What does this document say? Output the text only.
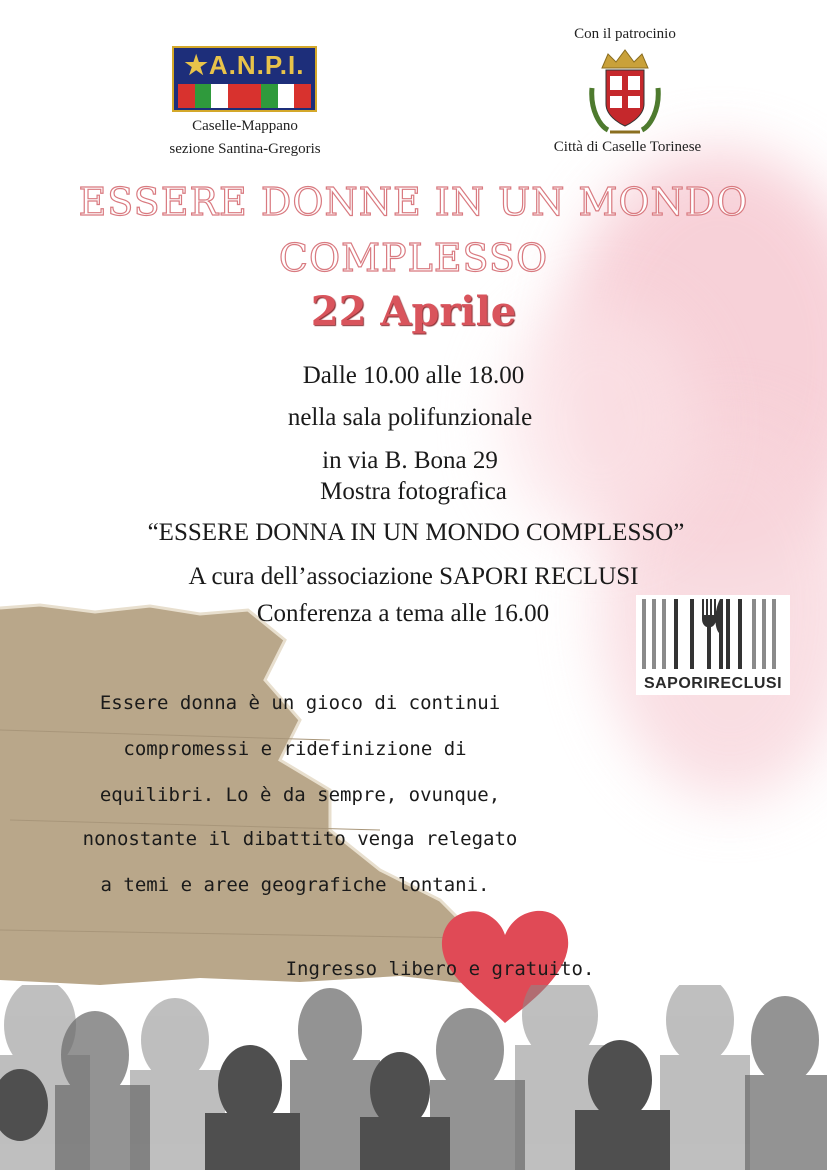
★A.N.P.I.
Caselle-Mappano
sezione Santina-Gregoris
Con il patrocinio
Città di Caselle Torinese
ESSERE DONNE IN UN MONDO
COMPLESSO
22 Aprile
Dalle 10.00 alle 18.00
nella sala polifunzionale
in via B. Bona 29
Mostra fotografica
“ESSERE DONNA IN UN MONDO COMPLESSO”
A cura dell’associazione SAPORI RECLUSI
Conferenza a tema alle 16.00
SAPORIRECLUSI
Essere donna è un gioco di continui
compromessi e ridefinizione di
equilibri. Lo è da sempre, ovunque,
nonostante il dibattito venga relegato
a temi e aree geografiche lontani.
Ingresso libero e gratuito.
